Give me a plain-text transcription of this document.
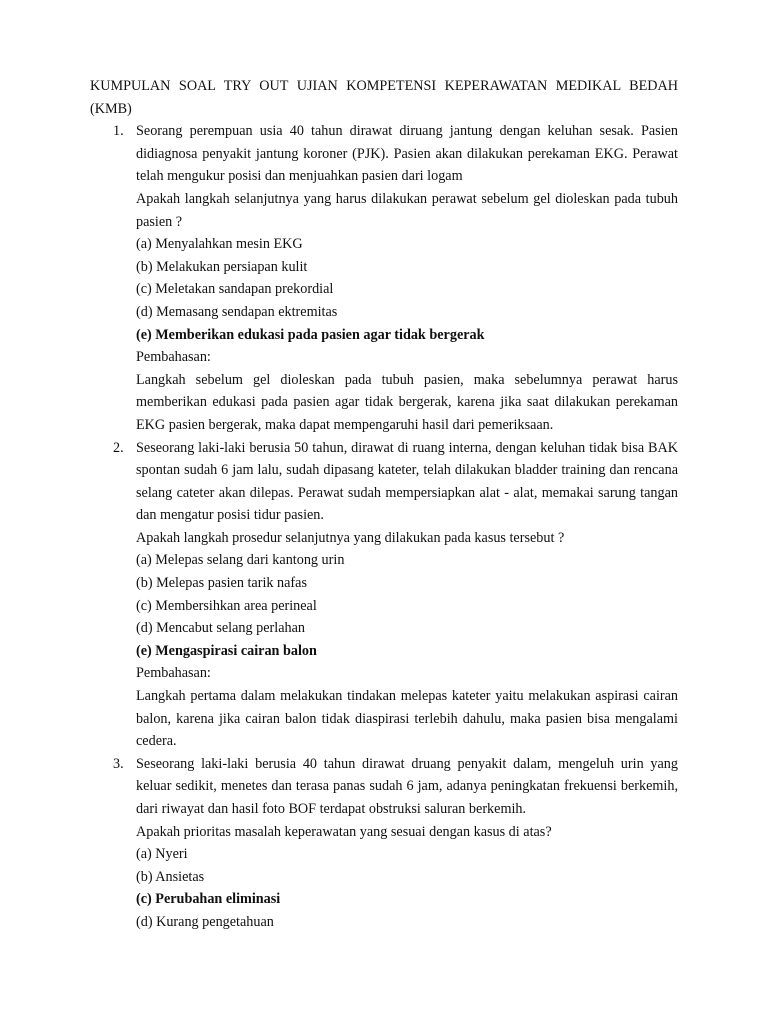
KUMPULAN SOAL TRY OUT UJIAN KOMPETENSI KEPERAWATAN MEDIKAL BEDAH (KMB)
1. Seorang perempuan usia 40 tahun dirawat diruang jantung dengan keluhan sesak. Pasien didiagnosa penyakit jantung koroner (PJK). Pasien akan dilakukan perekaman EKG. Perawat telah mengukur posisi dan menjuahkan pasien dari logam

Apakah langkah selanjutnya yang harus dilakukan perawat sebelum gel dioleskan pada tubuh pasien ?

(a) Menyalahkan mesin EKG

(b) Melakukan persiapan kulit

(c) Meletakan sandapan prekordial

(d) Memasang sendapan ektremitas

(e) Memberikan edukasi pada pasien agar tidak bergerak

Pembahasan:

Langkah sebelum gel dioleskan pada tubuh pasien, maka sebelumnya perawat harus memberikan edukasi pada pasien agar tidak bergerak, karena jika saat dilakukan perekaman EKG pasien bergerak, maka dapat mempengaruhi hasil dari pemeriksaan.

2. Seseorang laki-laki berusia 50 tahun, dirawat di ruang interna, dengan keluhan tidak bisa BAK spontan sudah 6 jam lalu, sudah dipasang kateter, telah dilakukan bladder training dan rencana selang cateter akan dilepas. Perawat sudah mempersiapkan alat - alat, memakai sarung tangan dan mengatur posisi tidur pasien.

Apakah langkah prosedur selanjutnya yang dilakukan pada kasus tersebut ?

(a) Melepas selang dari kantong urin

(b) Melepas pasien tarik nafas

(c) Membersihkan area perineal

(d) Mencabut selang perlahan

(e) Mengaspirasi cairan balon

Pembahasan:

Langkah pertama dalam melakukan tindakan melepas kateter yaitu melakukan aspirasi cairan balon, karena jika cairan balon tidak diaspirasi terlebih dahulu, maka pasien bisa mengalami cedera.

3. Seseorang laki-laki berusia 40 tahun dirawat druang penyakit dalam, mengeluh urin yang keluar sedikit, menetes dan terasa panas sudah 6 jam, adanya peningkatan frekuensi berkemih, dari riwayat dan hasil foto BOF terdapat obstruksi saluran berkemih.

Apakah prioritas masalah keperawatan yang sesuai dengan kasus di atas?

(a) Nyeri

(b) Ansietas

(c) Perubahan eliminasi

(d) Kurang pengetahuan
